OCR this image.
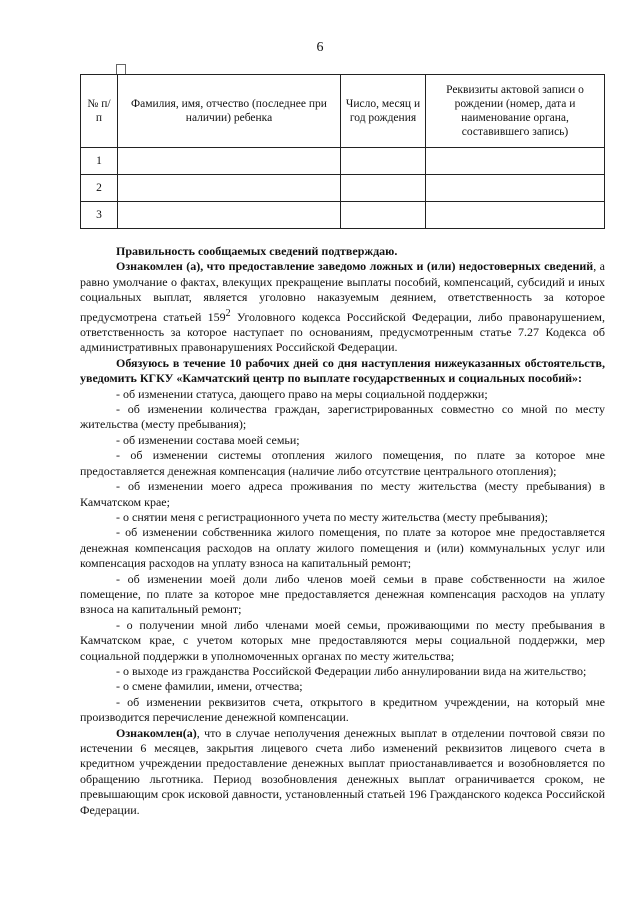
6
№ п/п	Фамилия, имя, отчество (последнее при наличии) ребенка	Число, месяц и год рождения	Реквизиты актовой записи о рождении (номер, дата и наименование органа, составившего запись)
1			
2			
3			

Правильность сообщаемых сведений подтверждаю.

Ознакомлен (а), что предоставление заведомо ложных и (или) недостоверных сведений, а равно умолчание о фактах, влекущих прекращение выплаты пособий, компенсаций, субсидий и иных социальных выплат, является уголовно наказуемым деянием, ответственность за которое предусмотрена статьей $159^2$ Уголовного кодекса Российской Федерации, либо правонарушением, ответственность за которое наступает по основаниям, предусмотренным статье 7.27 Кодекса об административных правонарушениях Российской Федерации.

Обязуюсь в течение 10 рабочих дней со дня наступления нижеуказанных обстоятельств, уведомить КГКУ «Камчатский центр по выплате государственных и социальных пособий»:

- об изменении статуса, дающего право на меры социальной поддержки;

- об изменении количества граждан, зарегистрированных совместно со мной по месту жительства (месту пребывания);

- об изменении состава моей семьи;

- об изменении системы отопления жилого помещения, по плате за которое мне предоставляется денежная компенсация (наличие либо отсутствие центрального отопления);

- об изменении моего адреса проживания по месту жительства (месту пребывания) в Камчатском крае;

- о снятии меня с регистрационного учета по месту жительства (месту пребывания);

- об изменении собственника жилого помещения, по плате за которое мне предоставляется денежная компенсация расходов на оплату жилого помещения и (или) коммунальных услуг или компенсация расходов на уплату взноса на капитальный ремонт;

- об изменении моей доли либо членов моей семьи в праве собственности на жилое помещение, по плате за которое мне предоставляется денежная компенсация расходов на уплату взноса на капитальный ремонт;

- о получении мной либо членами моей семьи, проживающими по месту пребывания в Камчатском крае, с учетом которых мне предоставляются меры социальной поддержки, мер социальной поддержки в уполномоченных органах по месту жительства;

- о выходе из гражданства Российской Федерации либо аннулировании вида на жительство;

- о смене фамилии, имени, отчества;

- об изменении реквизитов счета, открытого в кредитном учреждении, на который мне производится перечисление денежной компенсации.

Ознакомлен(а), что в случае неполучения денежных выплат в отделении почтовой связи по истечении 6 месяцев, закрытия лицевого счета либо изменений реквизитов лицевого счета в кредитном учреждении предоставление денежных выплат приостанавливается и возобновляется по обращению льготника. Период возобновления денежных выплат ограничивается сроком, не превышающим срок исковой давности, установленный статьей 196 Гражданского кодекса Российской Федерации.
